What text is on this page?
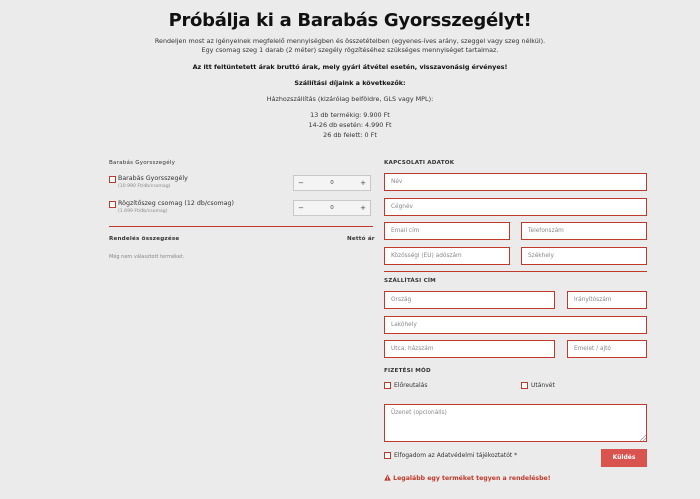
Próbálja ki a Barabás Gyorsszegélyt!
Rendeljen most az igényeinek megfelelő mennyiségben és összetételben (egyenes-íves arány, szeggel vagy szeg nélkül).
Egy csomag szeg 1 darab (2 méter) szegély rögzítéséhez szükséges mennyiséget tartalmaz.
Az itt feltüntetett árak bruttó árak, mely gyári átvétel esetén, visszavonásig érvényes!
Szállítási díjaink a következők:
Házhozszállítás (kizárólag belföldre, GLS vagy MPL):
13 db termékig: 9.900 Ft
14-26 db esetén: 4.990 Ft
26 db felett: 0 Ft
Barabás Gyorsszegély
Barabás Gyorsszegély
(10.990 Ft/db/csomag)	−	0	+
Rögzítőszeg csomag (12 db/csomag)
(1.699 Ft/db/csomag)	−	0	+
Rendelés összegzése	Nettó ár
Még nem választott terméket.
KAPCSOLATI ADATOK
Név
Cégnév
Email cím	Telefonszám
Közösségi (EU) adószám	Székhely
SZÁLLÍTÁSI CÍM
Ország	Irányítószám
Lakóhely
Utca, házszám	Emelet / ajtó
FIZETÉSI MÓD
Előreutalás	Utánvét
Üzenet (opcionális)
Elfogadom az Adatvédelmi tájékoztatót *	Küldés
Legalább egy terméket tegyen a rendelésbe!
